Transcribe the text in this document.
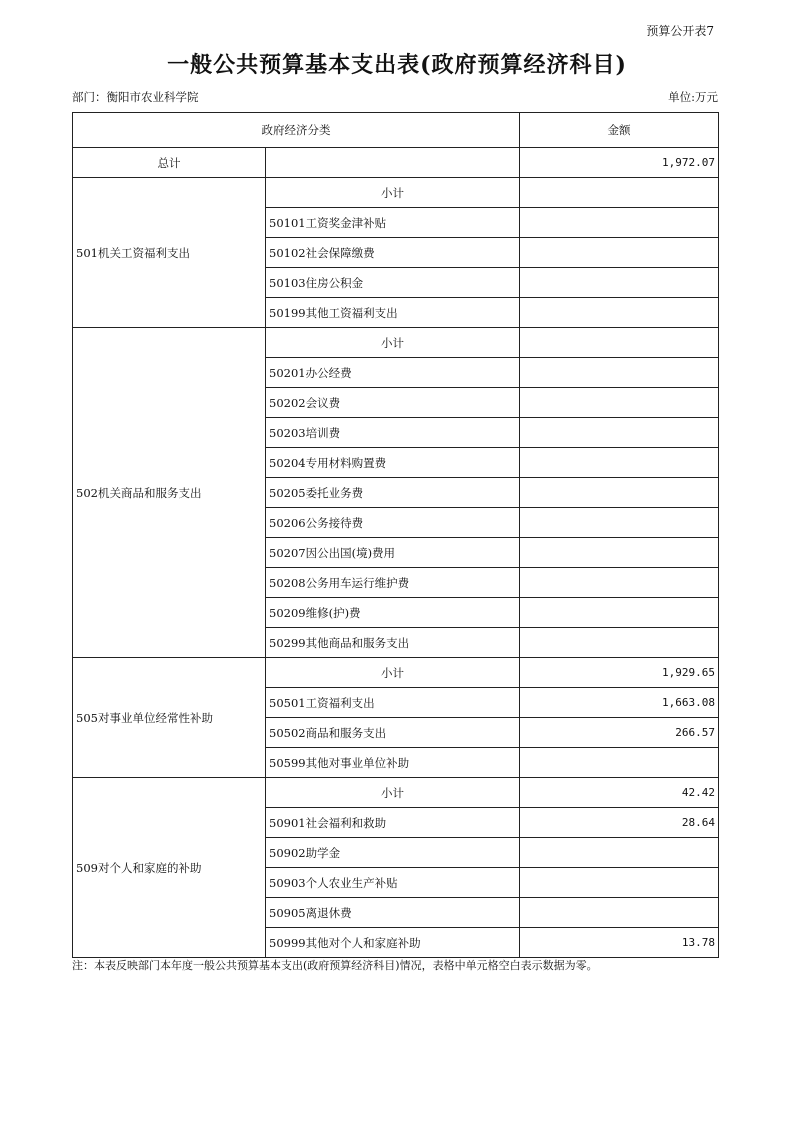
预算公开表7
一般公共预算基本支出表(政府预算经济科目)
部门：衡阳市农业科学院	单位:万元
政府经济分类		金额
总计		1,972.07
501机关工资福利支出	小计	
	50101工资奖金津补贴	
	50102社会保障缴费	
	50103住房公积金	
	50199其他工资福利支出	
502机关商品和服务支出	小计	
	50201办公经费	
	50202会议费	
	50203培训费	
	50204专用材料购置费	
	50205委托业务费	
	50206公务接待费	
	50207因公出国(境)费用	
	50208公务用车运行维护费	
	50209维修(护)费	
	50299其他商品和服务支出	
505对事业单位经常性补助	小计	1,929.65
	50501工资福利支出	1,663.08
	50502商品和服务支出	266.57
	50599其他对事业单位补助	
509对个人和家庭的补助	小计	42.42
	50901社会福利和救助	28.64
	50902助学金	
	50903个人农业生产补贴	
	50905离退休费	
	50999其他对个人和家庭补助	13.78
注：本表反映部门本年度一般公共预算基本支出(政府预算经济科目)情况，表格中单元格空白表示数据为零。
